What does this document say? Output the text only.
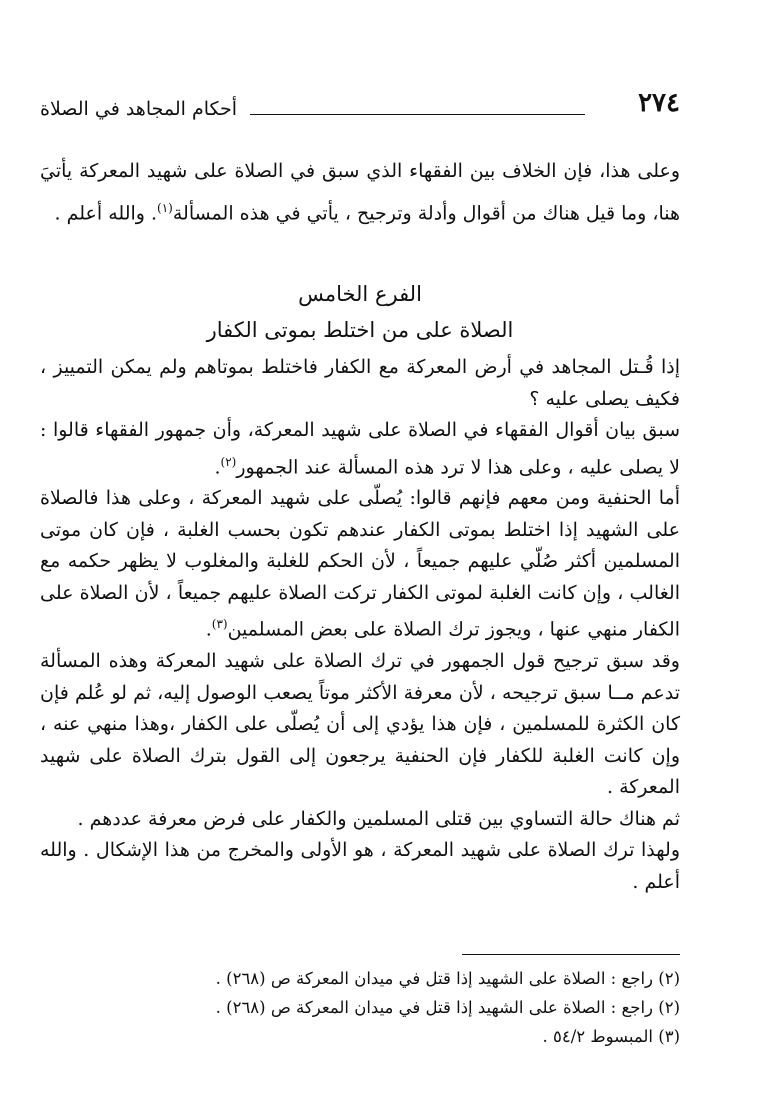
أحكام المجاهد في الصلاة	٢٧٤

وعلى هذا، فإن الخلاف بين الفقهاء الذي سبق في الصلاة على شهيد المعركة يأتيَ هنا، وما قيل هناك من أقوال وأدلة وترجيح ، يأتي في هذه المسألة$^{(١)}$. والله أعلم .

الفرع الخامس
الصلاة على من اختلط بموتى الكفار

إذا قُـتل المجاهد في أرض المعركة مع الكفار فاختلط بموتاهم ولم يمكن التمييز ، فكيف يصلى عليه ؟

سبق بيان أقوال الفقهاء في الصلاة على شهيد المعركة، وأن جمهور الفقهاء قالوا : لا يصلى عليه ، وعلى هذا لا ترد هذه المسألة عند الجمهور$^{(٢)}$.

أما الحنفية ومن معهم فإنهم قالوا: يُصلّى على شهيد المعركة ، وعلى هذا فالصلاة على الشهيد إذا اختلط بموتى الكفار عندهم تكون بحسب الغلبة ، فإن كان موتى المسلمين أكثر صُلّي عليهم جميعاً ، لأن الحكم للغلبة والمغلوب لا يظهر حكمه مع الغالب ، وإن كانت الغلبة لموتى الكفار تركت الصلاة عليهم جميعاً ، لأن الصلاة على الكفار منهي عنها ، ويجوز ترك الصلاة على بعض المسلمين$^{(٣)}$.

وقد سبق ترجيح قول الجمهور في ترك الصلاة على شهيد المعركة وهذه المسألة تدعم مــا سبق ترجيحه ، لأن معرفة الأكثر موتاً يصعب الوصول إليه، ثم لو عُلم فإن كان الكثرة للمسلمين ، فإن هذا يؤدي إلى أن يُصلّى على الكفار ،وهذا منهي عنه ، وإن كانت الغلبة للكفار فإن الحنفية يرجعون إلى القول بترك الصلاة على شهيد المعركة .

ثم هناك حالة التساوي بين قتلى المسلمين والكفار على فرض معرفة عددهم .

ولهذا ترك الصلاة على شهيد المعركة ، هو الأولى والمخرج من هذا الإشكال . والله أعلم .

(٢) راجع : الصلاة على الشهيد إذا قتل في ميدان المعركة ص (٢٦٨) .

(٢) راجع : الصلاة على الشهيد إذا قتل في ميدان المعركة ص (٢٦٨) .

(٣) المبسوط ٥٤/٢ .
